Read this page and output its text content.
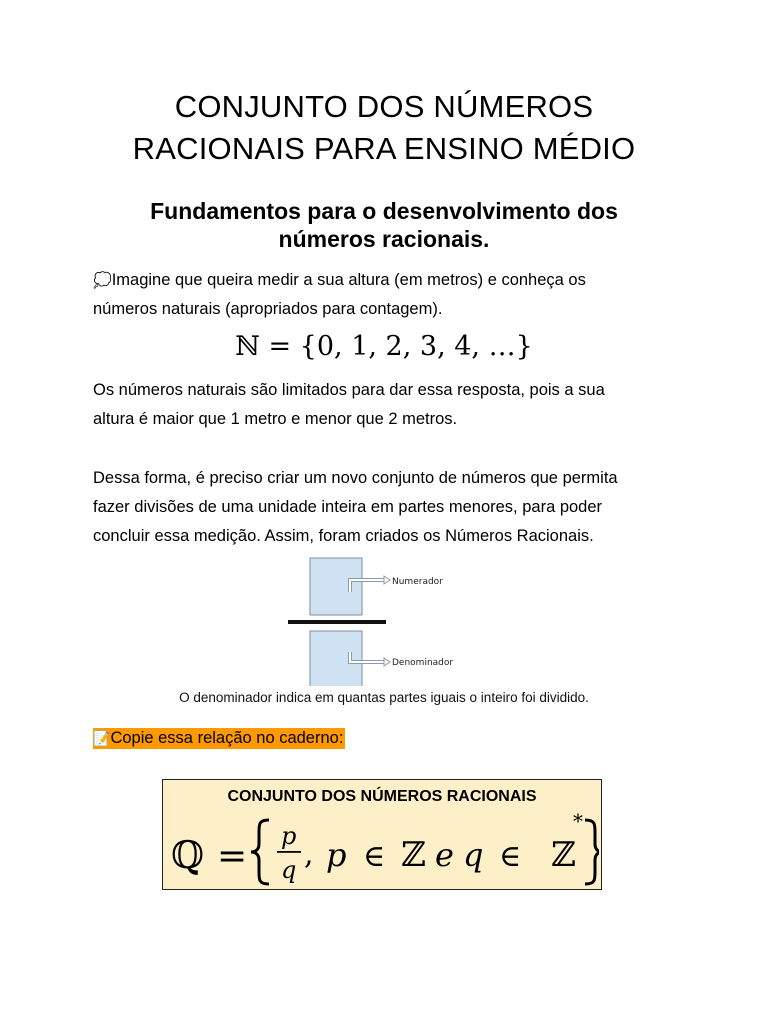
CONJUNTO DOS NÚMEROS
RACIONAIS PARA ENSINO MÉDIO
Fundamentos para o desenvolvimento dos
números racionais.
💭Imagine que queira medir a sua altura (em metros) e conheça os
números naturais (apropriados para contagem).
ℕ = {0, 1, 2, 3, 4, …}
Os números naturais são limitados para dar essa resposta, pois a sua
altura é maior que 1 metro e menor que 2 metros.
Dessa forma, é preciso criar um novo conjunto de números que permita
fazer divisões de uma unidade inteira em partes menores, para poder
concluir essa medição. Assim, foram criados os Números Racionais.
Numerador
Denominador
O denominador indica em quantas partes iguais o inteiro foi dividido.
📝Copie essa relação no caderno:
CONJUNTO DOS NÚMEROS RACIONAIS
ℚ = p
q , p ∈ ℤ e q ∈ ℤ
*
